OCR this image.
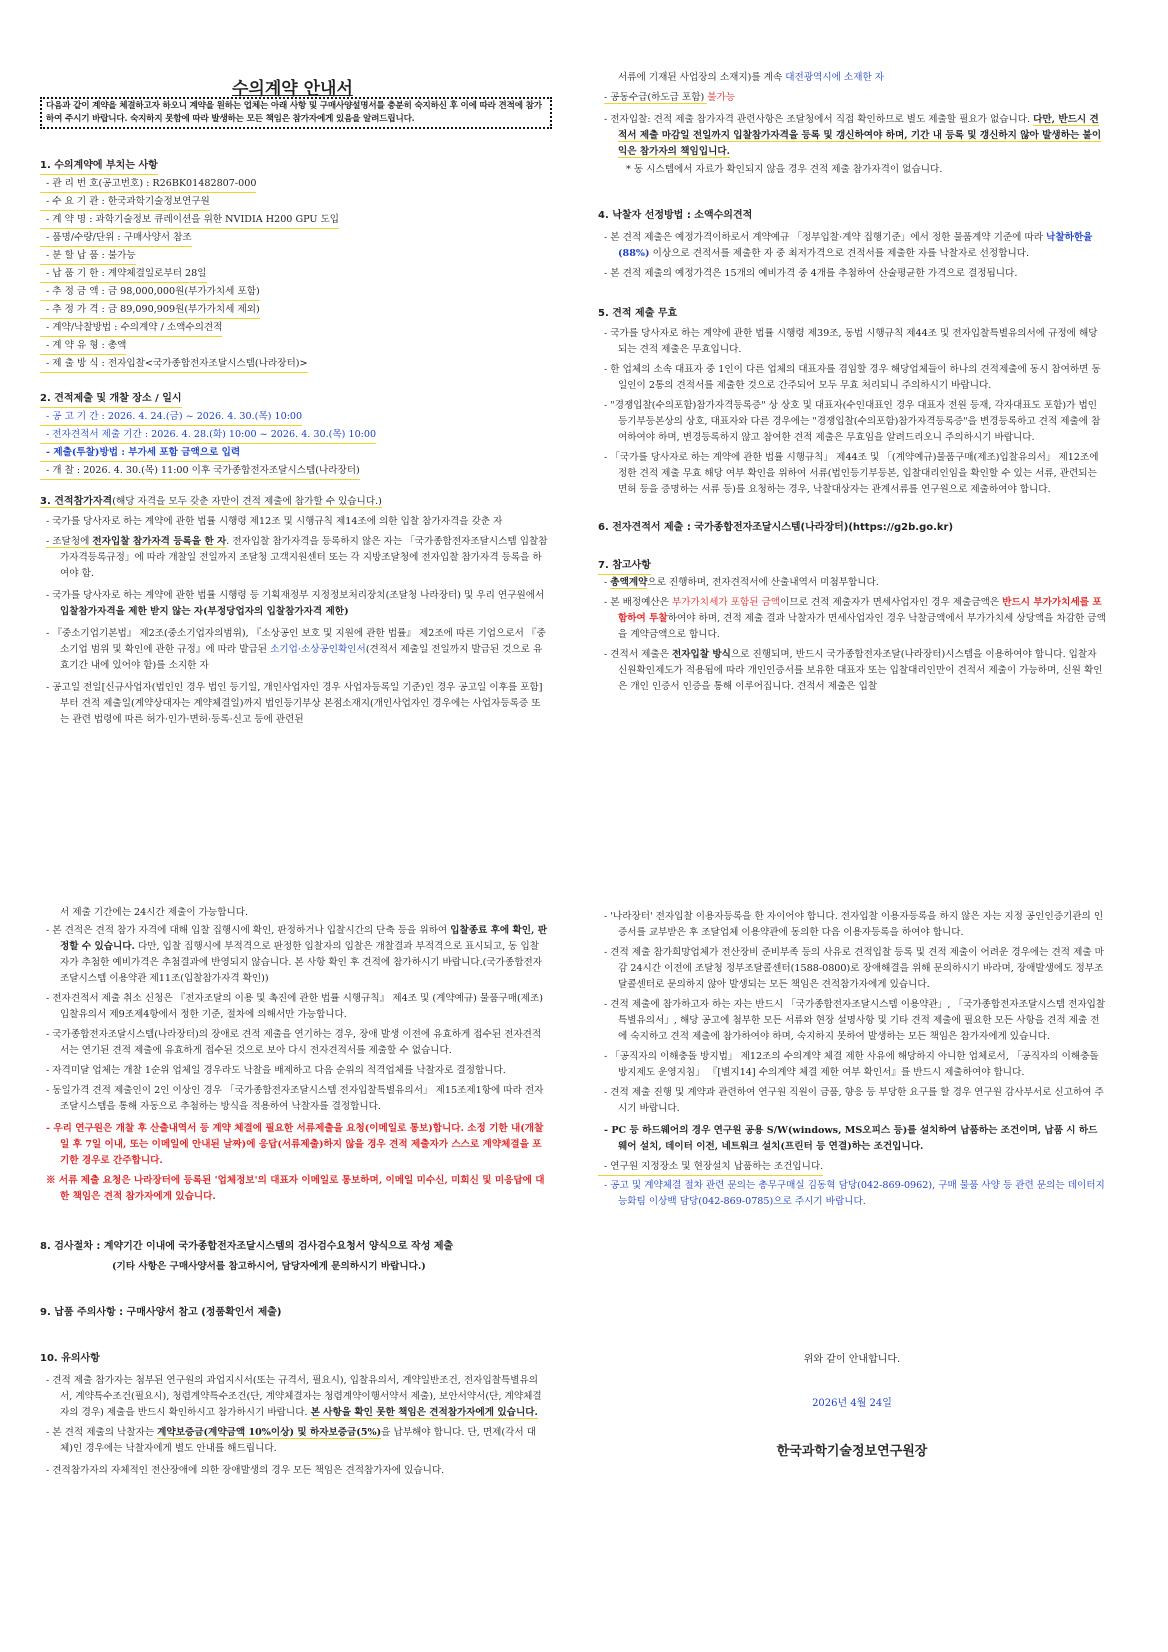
수의계약 안내서
다음과 같이 계약을 체결하고자 하오니 계약을 원하는 업체는 아래 사항 및 구매사양설명서를 충분히 숙지하신 후 이에 따라 견적에 참가하여 주시기 바랍니다. 숙지하지 못함에 따라 발생하는 모든 책임은 참가자에게 있음을 알려드립니다.

1. 수의계약에 부치는 사항

- 관 리 번 호(공고번호) : R26BK01482807-000

- 수 요 기 관 : 한국과학기술정보연구원

- 계 약 명 : 과학기술정보 큐레이션을 위한 NVIDIA H200 GPU 도입

- 품명/수량/단위 : 구매사양서 참조

- 분 할 납 품 : 불가능

- 납 품 기 한 : 계약체결일로부터 28일

- 추 정 금 액 : 금 98,000,000원(부가가치세 포함)

- 추 정 가 격 : 금 89,090,909원(부가가치세 제외)

- 계약/낙찰방법 : 수의계약 / 소액수의견적

- 계 약 유 형 : 총액

- 제 출 방 식 : 전자입찰<국가종합전자조달시스템(나라장터)>

2. 견적제출 및 개찰 장소 / 일시

- 공 고 기 간 : 2026. 4. 24.(금) ~ 2026. 4. 30.(목) 10:00

- 전자견적서 제출 기간 : 2026. 4. 28.(화) 10:00 ~ 2026. 4. 30.(목) 10:00

- 제출(투찰)방법 : 부가세 포함 금액으로 입력

- 개 찰 : 2026. 4. 30.(목) 11:00 이후 국가종합전자조달시스템(나라장터)

3. 견적참가자격(해당 자격을 모두 갖춘 자만이 견적 제출에 참가할 수 있습니다.)

- 국가를 당사자로 하는 계약에 관한 법률 시행령 제12조 및 시행규칙 제14조에 의한 입찰 참가자격을 갖춘 자

- 조달청에 전자입찰 참가자격 등록을 한 자. 전자입찰 참가자격을 등록하지 않은 자는 「국가종합전자조달시스템 입찰참가자격등록규정」에 따라 개찰일 전일까지 조달청 고객지원센터 또는 각 지방조달청에 전자입찰 참가자격 등록을 하여야 함.

- 국가를 당사자로 하는 계약에 관한 법률 시행령 등 기획재정부 지정정보처리장치(조달청 나라장터) 및 우리 연구원에서 입찰참가자격을 제한 받지 않는 자(부정당업자의 입찰참가자격 제한)

- 『중소기업기본법』 제2조(중소기업자의범위), 『소상공인 보호 및 지원에 관한 법률』 제2조에 따른 기업으로서 『중소기업 범위 및 확인에 관한 규정』에 따라 발급된 소기업·소상공인확인서(견적서 제출일 전일까지 발급된 것으로 유효기간 내에 있어야 함)를 소지한 자

- 공고일 전일[신규사업자(법인인 경우 법인 등기일, 개인사업자인 경우 사업자등록일 기준)인 경우 공고일 이후를 포함]부터 견적 제출일(계약상대자는 계약체결일)까지 법인등기부상 본점소재지(개인사업자인 경우에는 사업자등록증 또는 관련 법령에 따른 허가·인가·면허·등록·신고 등에 관련된

서류에 기재된 사업장의 소재지)를 계속 대전광역시에 소재한 자

- 공동수급(하도급 포함) 불가능

- 전자입찰: 견적 제출 참가자격 관련사항은 조달청에서 직접 확인하므로 별도 제출할 필요가 없습니다. 다만, 반드시 견적서 제출 마감일 전일까지 입찰참가자격을 등록 및 갱신하여야 하며, 기간 내 등록 및 갱신하지 않아 발생하는 불이익은 참가자의 책임입니다.

* 동 시스템에서 자료가 확인되지 않을 경우 견적 제출 참가자격이 없습니다.

4. 낙찰자 선정방법 : 소액수의견적

- 본 견적 제출은 예정가격이하로서 계약예규 「정부입찰·계약 집행기준」에서 정한 물품계약 기준에 따라 낙찰하한율(88%) 이상으로 견적서를 제출한 자 중 최저가격으로 견적서를 제출한 자를 낙찰자로 선정합니다.

- 본 견적 제출의 예정가격은 15개의 예비가격 중 4개를 추첨하여 산술평균한 가격으로 결정됩니다.

5. 견적 제출 무효

- 국가를 당사자로 하는 계약에 관한 법률 시행령 제39조, 동법 시행규칙 제44조 및 전자입찰특별유의서에 규정에 해당되는 견적 제출은 무효입니다.

- 한 업체의 소속 대표자 중 1인이 다른 업체의 대표자를 겸임할 경우 해당업체들이 하나의 견적제출에 동시 참여하면 동일인이 2통의 견적서를 제출한 것으로 간주되어 모두 무효 처리되니 주의하시기 바랍니다.

- "경쟁입찰(수의포함)참가자격등록증" 상 상호 및 대표자(수인대표인 경우 대표자 전원 등재, 각자대표도 포함)가 법인등기부등본상의 상호, 대표자와 다른 경우에는 "경쟁입찰(수의포함)참가자격등록증"을 변경등록하고 견적 제출에 참여하여야 하며, 변경등록하지 않고 참여한 견적 제출은 무효임을 알려드리오니 주의하시기 바랍니다.

- 「국가를 당사자로 하는 계약에 관한 법률 시행규칙」 제44조 및 「(계약예규)물품구매(제조)입찰유의서」 제12조에 정한 견적 제출 무효 해당 여부 확인을 위하여 서류(법인등기부등본, 입찰대리인임을 확인할 수 있는 서류, 관련되는 면허 등을 증명하는 서류 등)를 요청하는 경우, 낙찰대상자는 관계서류를 연구원으로 제출하여야 합니다.

6. 전자견적서 제출 : 국가종합전자조달시스템(나라장터)(https://g2b.go.kr)

7. 참고사항

- 총액계약으로 진행하며, 전자견적서에 산출내역서 미첨부합니다.

- 본 배정예산은 부가가치세가 포함된 금액이므로 견적 제출자가 면세사업자인 경우 제출금액은 반드시 부가가치세를 포함하여 투찰하여야 하며, 견적 제출 결과 낙찰자가 면세사업자인 경우 낙찰금액에서 부가가치세 상당액을 차감한 금액을 계약금액으로 합니다.

- 견적서 제출은 전자입찰 방식으로 진행되며, 반드시 국가종합전자조달(나라장터)시스템을 이용하여야 합니다. 입찰자 신원확인제도가 적용됨에 따라 개인인증서를 보유한 대표자 또는 입찰대리인만이 견적서 제출이 가능하며, 신원 확인은 개인 인증서 인증을 통해 이루어집니다. 견적서 제출은 입찰

서 제출 기간에는 24시간 제출이 가능합니다.

- 본 견적은 견적 참가 자격에 대해 입찰 집행시에 확인, 판정하거나 입찰시간의 단축 등을 위하여 입찰종료 후에 확인, 판정할 수 있습니다. 다만, 입찰 집행시에 부적격으로 판정한 입찰자의 입찰은 개찰결과 부적격으로 표시되고, 동 입찰자가 추첨한 예비가격은 추첨결과에 반영되지 않습니다. 본 사항 확인 후 견적에 참가하시기 바랍니다.(국가종합전자조달시스템 이용약관 제11조(입찰참가자격 확인))

- 전자견적서 제출 취소 신청은 『전자조달의 이용 및 촉진에 관한 법률 시행규칙』 제4조 및 (계약예규) 물품구매(제조)입찰유의서 제9조제4항에서 정한 기준, 절차에 의해서만 가능합니다.

- 국가종합전자조달시스템(나라장터)의 장애로 견적 제출을 연기하는 경우, 장애 발생 이전에 유효하게 접수된 전자견적서는 연기된 견적 제출에 유효하게 접수된 것으로 보아 다시 전자견적서를 제출할 수 없습니다.

- 자격미달 업체는 개찰 1순위 업체일 경우라도 낙찰을 배제하고 다음 순위의 적격업체를 낙찰자로 결정합니다.

- 동일가격 견적 제출인이 2인 이상인 경우 「국가종합전자조달시스템 전자입찰특별유의서」 제15조제1항에 따라 전자조달시스템을 통해 자동으로 추첨하는 방식을 적용하여 낙찰자를 결정합니다.

- 우리 연구원은 개찰 후 산출내역서 등 계약 체결에 필요한 서류제출을 요청(이메일로 통보)합니다. 소정 기한 내(개찰일 후 7일 이내, 또는 이메일에 안내된 날짜)에 응답(서류제출)하지 않을 경우 견적 제출자가 스스로 계약체결을 포기한 경우로 간주합니다.

※ 서류 제출 요청은 나라장터에 등록된 '업체정보'의 대표자 이메일로 통보하며, 이메일 미수신, 미회신 및 미응답에 대한 책임은 견적 참가자에게 있습니다.

8. 검사절차 : 계약기간 이내에 국가종합전자조달시스템의 검사검수요청서 양식으로 작성 제출

(기타 사항은 구매사양서를 참고하시어, 담당자에게 문의하시기 바랍니다.)

9. 납품 주의사항 : 구매사양서 참고 (정품확인서 제출)

10. 유의사항

- 견적 제출 참가자는 첨부된 연구원의 과업지시서(또는 규격서, 필요시), 입찰유의서, 계약일반조건, 전자입찰특별유의서, 계약특수조건(필요시), 청렴계약특수조건(단, 계약체결자는 청렴계약이행서약서 제출), 보안서약서(단, 계약체결자의 경우) 제출을 반드시 확인하시고 참가하시기 바랍니다. 본 사항을 확인 못한 책임은 견적참가자에게 있습니다.

- 본 견적 제출의 낙찰자는 계약보증금(계약금액 10%이상) 및 하자보증금(5%)을 납부해야 합니다. 단, 면제(각서 대체)인 경우에는 낙찰자에게 별도 안내를 해드립니다.

- 견적참가자의 자체적인 전산장애에 의한 장애발생의 경우 모든 책임은 견적참가자에 있습니다.

- '나라장터' 전자입찰 이용자등록을 한 자이어야 합니다. 전자입찰 이용자등록을 하지 않은 자는 지정 공인인증기관의 인증서를 교부받은 후 조달업체 이용약관에 동의한 다음 이용자등록을 하여야 합니다.

- 견적 제출 참가희망업체가 전산장비 준비부족 등의 사유로 견적입찰 등록 및 견적 제출이 어려운 경우에는 견적 제출 마감 24시간 이전에 조달청 정부조달콜센터(1588-0800)로 장애해결을 위해 문의하시기 바라며, 장애발생에도 정부조달콜센터로 문의하지 않아 발생되는 모든 책임은 견적참가자에게 있습니다.

- 견적 제출에 참가하고자 하는 자는 반드시 「국가종합전자조달시스템 이용약관」, 「국가종합전자조달시스템 전자입찰 특별유의서」, 해당 공고에 첨부한 모든 서류와 현장 설명사항 및 기타 견적 제출에 필요한 모든 사항을 견적 제출 전에 숙지하고 견적 제출에 참가하여야 하며, 숙지하지 못하여 발생하는 모든 책임은 참가자에게 있습니다.

- 「공직자의 이해충돌 방지법」 제12조의 수의계약 체결 제한 사유에 해당하지 아니한 업체로서, 「공직자의 이해충돌 방지제도 운영지침」 『[별지14] 수의계약 체결 제한 여부 확인서』를 반드시 제출하여야 합니다.

- 견적 제출 진행 및 계약과 관련하여 연구원 직원이 금품, 향응 등 부당한 요구를 할 경우 연구원 감사부서로 신고하여 주시기 바랍니다.

- PC 등 하드웨어의 경우 연구원 공용 S/W(windows, MS오피스 등)를 설치하여 납품하는 조건이며, 납품 시 하드웨어 설치, 데이터 이전, 네트워크 설치(프린터 등 연결)하는 조건입니다.

- 연구원 지정장소 및 현장설치 납품하는 조건입니다.

- 공고 및 계약체결 절차 관련 문의는 총무구매실 김동혁 담당(042-869-0962), 구매 물품 사양 등 관련 문의는 데이터지능화팀 이상백 담당(042-869-0785)으로 주시기 바랍니다.

위와 같이 안내합니다.
2026년 4월 24일
한국과학기술정보연구원장
